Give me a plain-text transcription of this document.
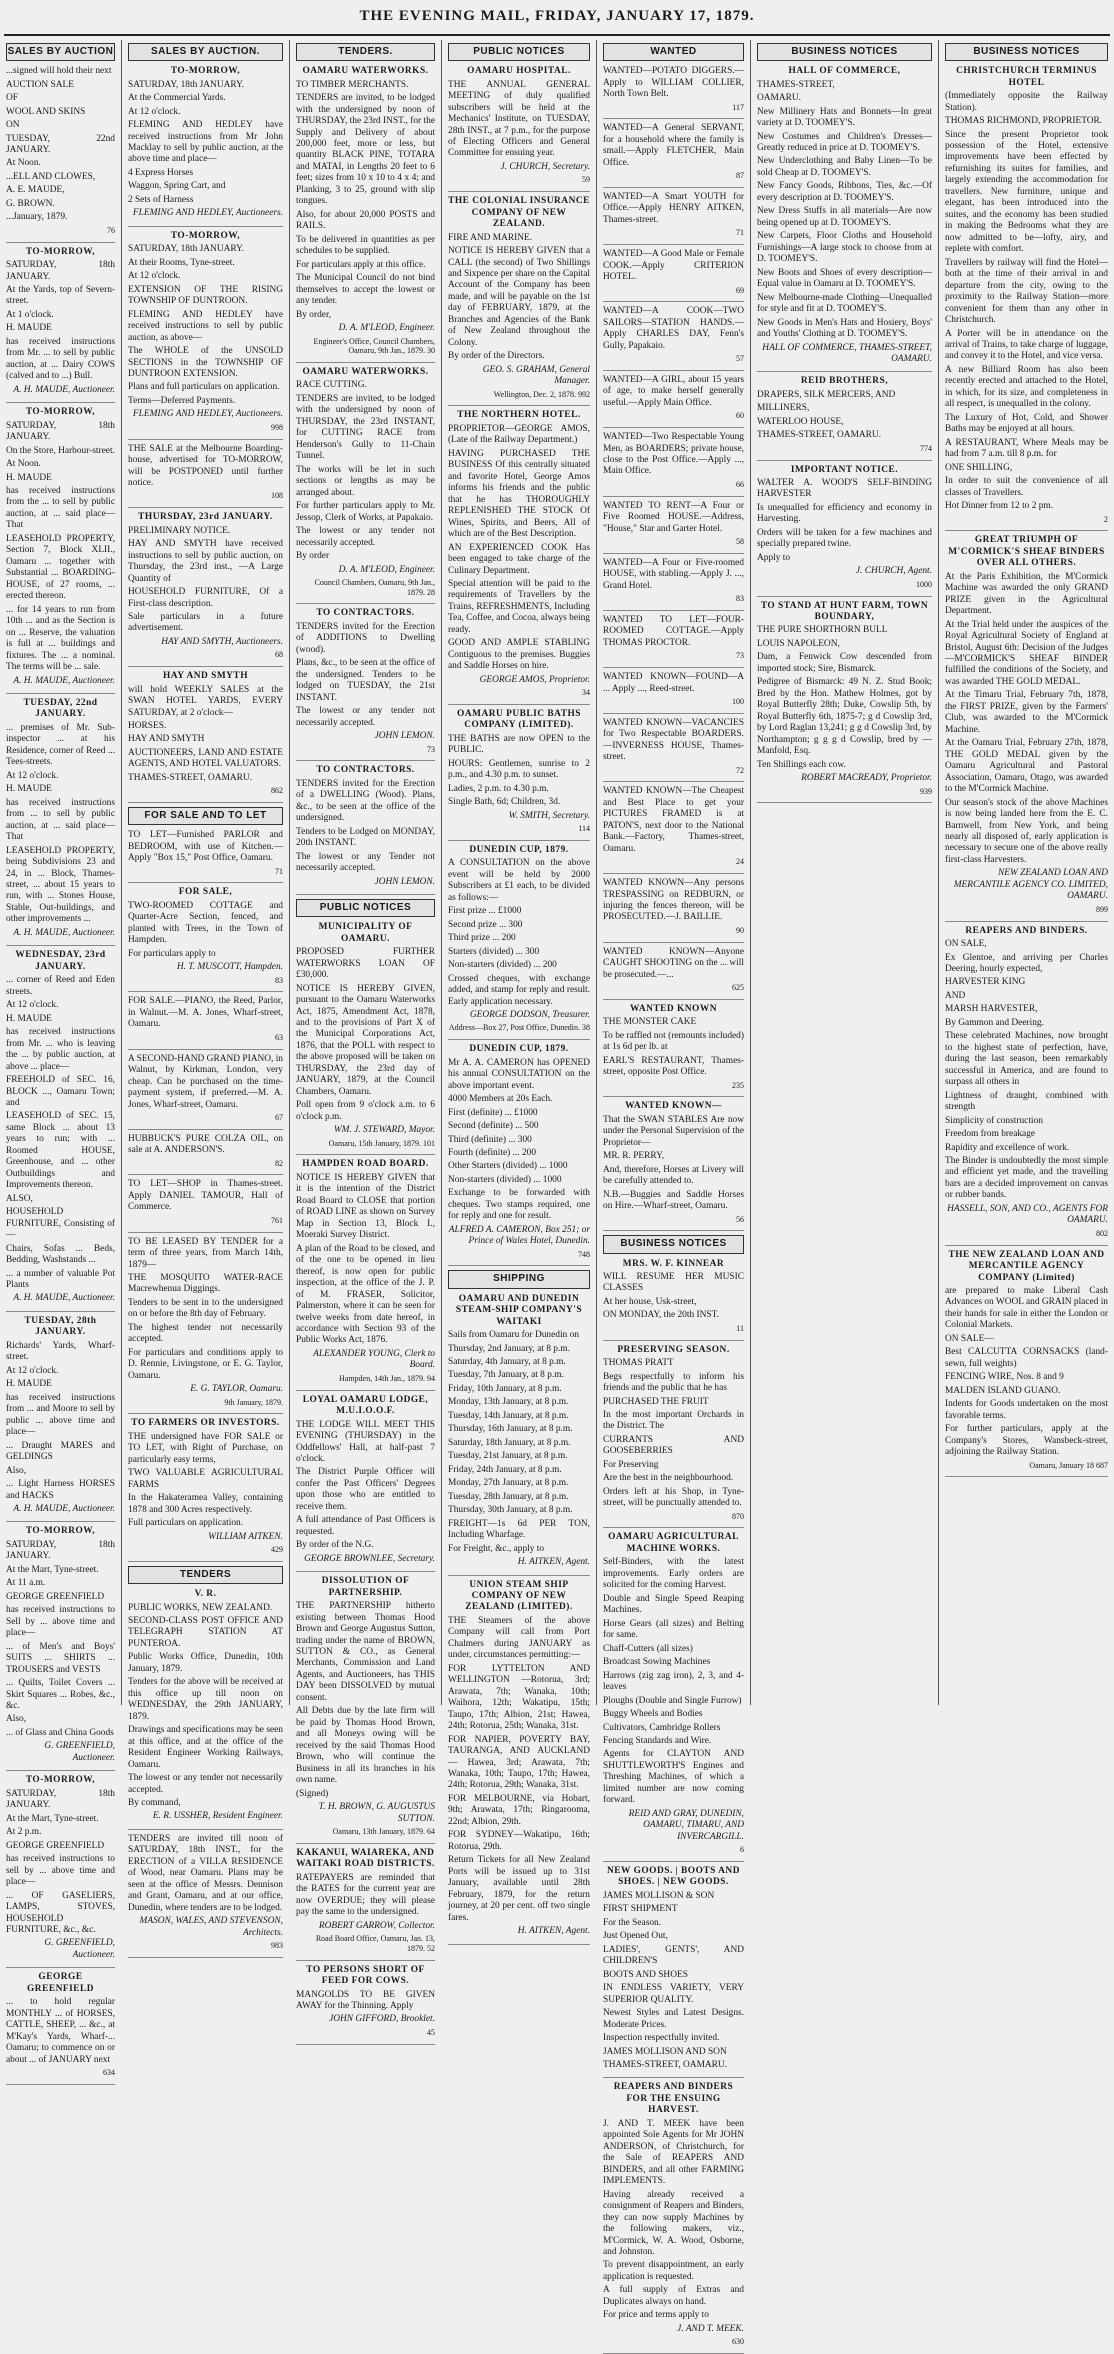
THE EVENING MAIL, FRIDAY, JANUARY 17, 1879.
SALES BY AUCTION

...signed will hold their next

AUCTION SALE

OF

WOOL AND SKINS

ON

TUESDAY, 22nd JANUARY.

At Noon.

...ELL AND CLOWES,

A. E. MAUDE,

G. BROWN.

...January, 1879.

76

TO-MORROW,

SATURDAY, 18th JANUARY.

At the Yards, top of Severn-street.

At 1 o'clock.

H. MAUDE

has received instructions from Mr. ... to sell by public auction, at ... Dairy COWS (calved and to ...) Bull.

A. H. MAUDE, Auctioneer.

TO-MORROW,

SATURDAY, 18th JANUARY.

On the Store, Harbour-street.

At Noon.

H. MAUDE

has received instructions from the ... to sell by public auction, at ... said place—That

LEASEHOLD PROPERTY, Section 7, Block XLII., Oamaru ... together with Substantial ... BOARDING-HOUSE, of 27 rooms, ... erected thereon.

... for 14 years to run from 10th ... and as the Section is on ... Reserve, the valuation is full at ... buildings and fixtures. The ... a nominal. The terms will be ... sale.

A. H. MAUDE, Auctioneer.

TUESDAY, 22nd JANUARY.

... premises of Mr. Sub-inspector ... at his Residence, corner of Reed ... Tees-streets.

At 12 o'clock.

H. MAUDE

has received instructions from ... to sell by public auction, at ... said place—That

LEASEHOLD PROPERTY, being Subdivisions 23 and 24, in ... Block, Thames-street, ... about 15 years to run, with ... Stones House, Stable, Out-buildings, and other improvements ...

A. H. MAUDE, Auctioneer.

WEDNESDAY, 23rd JANUARY.

... corner of Reed and Eden streets.

At 12 o'clock.

H. MAUDE

has received instructions from Mr. ... who is leaving the ... by public auction, at above ... place—

FREEHOLD of SEC. 16, BLOCK ..., Oamaru Town; and

LEASEHOLD of SEC. 15, same Block ... about 13 years to run; with ... Roomed HOUSE, Greenhouse, and ... other Outbuildings and Improvements thereon.

ALSO,

HOUSEHOLD FURNITURE, Consisting of—

Chairs, Sofas ... Beds, Bedding, Washstands ...

... a number of valuable Pot Plants

A. H. MAUDE, Auctioneer.

TUESDAY, 28th JANUARY.

Richards' Yards, Wharf-street.

At 12 o'clock.

H. MAUDE

has received instructions from ... and Moore to sell by public ... above time and place—

... Draught MARES and GELDINGS

Also,

... Light Harness HORSES and HACKS

A. H. MAUDE, Auctioneer.

TO-MORROW,

SATURDAY, 18th JANUARY.

At the Mart, Tyne-street.

At 11 a.m.

GEORGE GREENFIELD

has received instructions to Sell by ... above time and place—

... of Men's and Boys' SUITS ... SHIRTS ... TROUSERS and VESTS

... Quilts, Toilet Covers ... Skirt Squares ... Robes, &c., &c.

Also,

... of Glass and China Goods

G. GREENFIELD, Auctioneer.

TO-MORROW,

SATURDAY, 18th JANUARY.

At the Mart, Tyne-street.

At 2 p.m.

GEORGE GREENFIELD

has received instructions to sell by ... above time and place—

... OF GASELIERS, LAMPS, STOVES, HOUSEHOLD FURNITURE, &c., &c.

G. GREENFIELD, Auctioneer.

GEORGE GREENFIELD

... to hold regular MONTHLY ... of HORSES, CATTLE, SHEEP, ... &c., at M'Kay's Yards, Wharf-... Oamaru; to commence on or about ... of JANUARY next

634

SALES BY AUCTION.

TO-MORROW,

SATURDAY, 18th JANUARY.

At the Commercial Yards.

At 12 o'clock.

FLEMING AND HEDLEY have received instructions from Mr John Macklay to sell by public auction, at the above time and place—

4 Express Horses

Waggon, Spring Cart, and

2 Sets of Harness

FLEMING AND HEDLEY, Auctioneers.

TO-MORROW,

SATURDAY, 18th JANUARY.

At their Rooms, Tyne-street.

At 12 o'clock.

EXTENSION OF THE RISING TOWNSHIP OF DUNTROON.

FLEMING AND HEDLEY have received instructions to sell by public auction, as above—

The WHOLE of the UNSOLD SECTIONS in the TOWNSHIP OF DUNTROON EXTENSION.

Plans and full particulars on application.

Terms—Deferred Payments.

FLEMING AND HEDLEY, Auctioneers.

998

THE SALE at the Melbourne Boarding-house, advertised for TO-MORROW, will be POSTPONED until further notice.

108

THURSDAY, 23rd JANUARY.

PRELIMINARY NOTICE.

HAY AND SMYTH have received instructions to sell by public auction, on Thursday, the 23rd inst., —A Large Quantity of

HOUSEHOLD FURNITURE, Of a First-class description.

Sale particulars in a future advertisement.

HAY AND SMYTH, Auctioneers.

68

HAY AND SMYTH

will hold WEEKLY SALES at the SWAN HOTEL YARDS, EVERY SATURDAY, at 2 o'clock—

HORSES.

HAY AND SMYTH

AUCTIONEERS, LAND AND ESTATE AGENTS, AND HOTEL VALUATORS.

THAMES-STREET, OAMARU.

862

FOR SALE AND TO LET

TO LET—Furnished PARLOR and BEDROOM, with use of Kitchen.—Apply "Box 15," Post Office, Oamaru.

71

FOR SALE,

TWO-ROOMED COTTAGE and Quarter-Acre Section, fenced, and planted with Trees, in the Town of Hampden.

For particulars apply to

H. T. MUSCOTT, Hampden.

83

FOR SALE.—PIANO, the Reed, Parlor, in Walnut.—M. A. Jones, Wharf-street, Oamaru.

63

A SECOND-HAND GRAND PIANO, in Walnut, by Kirkman, London, very cheap. Can be purchased on the time-payment system, if preferred.—M. A. Jones, Wharf-street, Oamaru.

67

HUBBUCK'S PURE COLZA OIL, on sale at A. ANDERSON'S.

82

TO LET—SHOP in Thames-street. Apply DANIEL TAMOUR, Hall of Commerce.

761

TO BE LEASED BY TENDER for a term of three years, from March 14th, 1879—

THE MOSQUITO WATER-RACE Macrewhenua Diggings.

Tenders to be sent in to the undersigned on or before the 8th day of February.

The highest tender not necessarily accepted.

For particulars and conditions apply to D. Rennie, Livingstone, or E. G. Taylor, Oamaru.

E. G. TAYLOR, Oamaru.

9th January, 1879.

TO FARMERS OR INVESTORS.

THE undersigned have FOR SALE or TO LET, with Right of Purchase, on particularly easy terms,

TWO VALUABLE AGRICULTURAL FARMS

In the Hakateramea Valley, containing 1878 and 300 Acres respectively.

Full particulars on application.

WILLIAM AITKEN.

429

TENDERS

V. R.

PUBLIC WORKS, NEW ZEALAND.

SECOND-CLASS POST OFFICE AND TELEGRAPH STATION AT PUNTEROA.

Public Works Office, Dunedin, 10th January, 1879.

Tenders for the above will be received at this office up till noon on WEDNESDAY, the 29th JANUARY, 1879.

Drawings and specifications may be seen at this office, and at the office of the Resident Engineer Working Railways, Oamaru.

The lowest or any tender not necessarily accepted.

By command,

E. R. USSHER, Resident Engineer.

TENDERS are invited till noon of SATURDAY, 18th INST., for the ERECTION of a VILLA RESIDENCE of Wood, near Oamaru. Plans may be seen at the office of Messrs. Dennison and Grant, Oamaru, and at our office, Dunedin, where tenders are to be lodged.

MASON, WALES, AND STEVENSON, Architects.

983

TENDERS.

OAMARU WATERWORKS.

TO TIMBER MERCHANTS.

TENDERS are invited, to be lodged with the undersigned by noon of THURSDAY, the 23rd INST., for the Supply and Delivery of about 200,000 feet, more or less, but quantity BLACK PINE, TOTARA and MATAI, in Lengths 20 feet to 6 feet; sizes from 10 x 10 to 4 x 4; and Planking, 3 to 25, ground with slip tongues.

Also, for about 20,000 POSTS and RAILS.

To be delivered in quantities as per schedules to be supplied.

For particulars apply at this office.

The Municipal Council do not bind themselves to accept the lowest or any tender.

By order,

D. A. M'LEOD, Engineer.

Engineer's Office, Council Chambers, Oamaru, 9th Jan., 1879. 30

OAMARU WATERWORKS.

RACE CUTTING.

TENDERS are invited, to be lodged with the undersigned by noon of THURSDAY, the 23rd INSTANT, for CUTTING RACE from Henderson's Gully to 11-Chain Tunnel.

The works will be let in such sections or lengths as may be arranged about.

For further particulars apply to Mr. Jessop, Clerk of Works, at Papakaio.

The lowest or any tender not necessarily accepted.

By order

D. A. M'LEOD, Engineer.

Council Chambers, Oamaru, 9th Jan., 1879. 28

TO CONTRACTORS.

TENDERS invited for the Erection of ADDITIONS to Dwelling (wood).

Plans, &c., to be seen at the office of the undersigned. Tenders to be lodged on TUESDAY, the 21st INSTANT.

The lowest or any tender not necessarily accepted.

JOHN LEMON.

73

TO CONTRACTORS.

TENDERS invited for the Erection of a DWELLING (Wood). Plans, &c., to be seen at the office of the undersigned.

Tenders to be Lodged on MONDAY, 20th INSTANT.

The lowest or any Tender not necessarily accepted.

JOHN LEMON.

PUBLIC NOTICES

MUNICIPALITY OF OAMARU.

PROPOSED FURTHER WATERWORKS LOAN OF £30,000.

NOTICE IS HEREBY GIVEN, pursuant to the Oamaru Waterworks Act, 1875, Amendment Act, 1878, and to the provisions of Part X of the Municipal Corporations Act, 1876, that the POLL with respect to the above proposed will be taken on THURSDAY, the 23rd day of JANUARY, 1879, at the Council Chambers, Oamaru.

Poll open from 9 o'clock a.m. to 6 o'clock p.m.

WM. J. STEWARD, Mayor.

Oamaru, 15th January, 1879. 101

HAMPDEN ROAD BOARD.

NOTICE IS HEREBY GIVEN that it is the intention of the District Road Board to CLOSE that portion of ROAD LINE as shown on Survey Map in Section 13, Block I., Moeraki Survey District.

A plan of the Road to be closed, and of the one to be opened in lieu thereof, is now open for public inspection, at the office of the J. P. of M. FRASER, Solicitor, Palmerston, where it can be seen for twelve weeks from date hereof, in accordance with Section 93 of the Public Works Act, 1876.

ALEXANDER YOUNG, Clerk to Board.

Hampden, 14th Jan., 1879. 94

LOYAL OAMARU LODGE, M.U.I.O.O.F.

THE LODGE WILL MEET THIS EVENING (THURSDAY) in the Oddfellows' Hall, at half-past 7 o'clock.

The District Purple Officer will confer the Past Officers' Degrees upon those who are entitled to receive them.

A full attendance of Past Officers is requested.

By order of the N.G.

GEORGE BROWNLEE, Secretary.

DISSOLUTION OF PARTNERSHIP.

THE PARTNERSHIP hitherto existing between Thomas Hood Brown and George Augustus Sutton, trading under the name of BROWN, SUTTON & CO., as General Merchants, Commission and Land Agents, and Auctioneers, has THIS DAY been DISSOLVED by mutual consent.

All Debts due by the late firm will be paid by Thomas Hood Brown, and all Moneys owing will be received by the said Thomas Hood Brown, who will continue the Business in all its branches in his own name.

(Signed)

T. H. BROWN, G. AUGUSTUS SUTTON.

Oamaru, 13th January, 1879. 64

KAKANUI, WAIAREKA, AND WAITAKI ROAD DISTRICTS.

RATEPAYERS are reminded that the RATES for the current year are now OVERDUE; they will please pay the same to the undersigned.

ROBERT GARROW, Collector.

Road Board Office, Oamaru, Jan. 13, 1879. 52

TO PERSONS SHORT OF FEED FOR COWS.

MANGOLDS TO BE GIVEN AWAY for the Thinning. Apply

JOHN GIFFORD, Brooklet.

45

PUBLIC NOTICES

OAMARU HOSPITAL.

THE ANNUAL GENERAL MEETING of duly qualified subscribers will be held at the Mechanics' Institute, on TUESDAY, 28th INST., at 7 p.m., for the purpose of Electing Officers and General Committee for ensuing year.

J. CHURCH, Secretary.

59

THE COLONIAL INSURANCE COMPANY OF NEW ZEALAND.

FIRE AND MARINE.

NOTICE IS HEREBY GIVEN that a CALL (the second) of Two Shillings and Sixpence per share on the Capital Account of the Company has been made, and will be payable on the 1st day of FEBRUARY, 1879, at the Branches and Agencies of the Bank of New Zealand throughout the Colony.

By order of the Directors.

GEO. S. GRAHAM, General Manager.

Wellington, Dec. 2, 1878. 992

THE NORTHERN HOTEL.

PROPRIETOR—GEORGE AMOS, (Late of the Railway Department.)

HAVING PURCHASED THE BUSINESS Of this centrally situated and favorite Hotel, George Amos informs his friends and the public that he has THOROUGHLY REPLENISHED THE STOCK Of Wines, Spirits, and Beers, All of which are of the Best Description.

AN EXPERIENCED COOK Has been engaged to take charge of the Culinary Department.

Special attention will be paid to the requirements of Travellers by the Trains, REFRESHMENTS, Including Tea, Coffee, and Cocoa, always being ready.

GOOD AND AMPLE STABLING Contiguous to the premises. Buggies and Saddle Horses on hire.

GEORGE AMOS, Proprietor.

34

OAMARU PUBLIC BATHS COMPANY (LIMITED).

THE BATHS are now OPEN to the PUBLIC.

HOURS: Gentlemen, sunrise to 2 p.m., and 4.30 p.m. to sunset.

Ladies, 2 p.m. to 4.30 p.m.

Single Bath, 6d; Children, 3d.

W. SMITH, Secretary.

114

DUNEDIN CUP, 1879.

A CONSULTATION on the above event will be held by 2000 Subscribers at £1 each, to be divided as follows:—

First prize ... £1000

Second prize ... 300

Third prize ... 200

Starters (divided) ... 300

Non-starters (divided) ... 200

Crossed cheques, with exchange added, and stamp for reply and result. Early application necessary.

GEORGE DODSON, Treasurer.

Address—Box 27, Post Office, Dunedin. 38

DUNEDIN CUP, 1879.

Mr A. A. CAMERON has OPENED his annual CONSULTATION on the above important event.

4000 Members at 20s Each.

First (definite) ... £1000

Second (definite) ... 500

Third (definite) ... 300

Fourth (definite) ... 200

Other Starters (divided) ... 1000

Non-starters (divided) ... 1000

Exchange to be forwarded with cheques. Two stamps required, one for reply and one for result.

ALFRED A. CAMERON, Box 251; or Prince of Wales Hotel, Dunedin.

748

SHIPPING

OAMARU AND DUNEDIN STEAM-SHIP COMPANY'S WAITAKI

Sails from Oamaru for Dunedin on

Thursday, 2nd January, at 8 p.m.

Saturday, 4th January, at 8 p.m.

Tuesday, 7th January, at 8 p.m.

Friday, 10th January, at 8 p.m.

Monday, 13th January, at 8 p.m.

Tuesday, 14th January, at 8 p.m.

Thursday, 16th January, at 8 p.m.

Saturday, 18th January, at 8 p.m.

Tuesday, 21st January, at 8 p.m.

Friday, 24th January, at 8 p.m.

Monday, 27th January, at 8 p.m.

Tuesday, 28th January, at 8 p.m.

Thursday, 30th January, at 8 p.m.

FREIGHT—1s 6d PER TON, Including Wharfage.

For Freight, &c., apply to

H. AITKEN, Agent.

UNION STEAM SHIP COMPANY OF NEW ZEALAND (LIMITED).

THE Steamers of the above Company will call from Port Chalmers during JANUARY as under, circumstances permitting:—

FOR LYTTELTON AND WELLINGTON —Rotorua, 3rd; Arawata, 7th; Wanaka, 10th; Waihora, 12th; Wakatipu, 15th; Taupo, 17th; Albion, 21st; Hawea, 24th; Rotorua, 25th; Wanaka, 31st.

FOR NAPIER, POVERTY BAY, TAURANGA, AND AUCKLAND — Hawea, 3rd; Arawata, 7th; Wanaka, 10th; Taupo, 17th; Hawea, 24th; Rotorua, 29th; Wanaka, 31st.

FOR MELBOURNE, via Hobart, 9th; Arawata, 17th; Ringarooma, 22nd; Albion, 29th.

FOR SYDNEY—Wakatipu, 16th; Rotorua, 29th.

Return Tickets for all New Zealand Ports will be issued up to 31st January, available until 28th February, 1879, for the return journey, at 20 per cent. off two single fares.

H. AITKEN, Agent.

WANTED

WANTED—POTATO DIGGERS.—Apply to WILLIAM COLLIER, North Town Belt.

117

WANTED—A General SERVANT, for a household where the family is small.—Apply FLETCHER, Main Office.

87

WANTED—A Smart YOUTH for Office.—Apply HENRY AITKEN, Thames-street.

71

WANTED—A Good Male or Female COOK.—Apply CRITERION HOTEL.

69

WANTED—A COOK—TWO SAILORS—STATION HANDS.—Apply CHARLES DAY, Fenn's Gully, Papakaio.

57

WANTED—A GIRL, about 15 years of age, to make herself generally useful.—Apply Main Office.

60

WANTED—Two Respectable Young Men, as BOARDERS; private house, close to the Post Office.—Apply ..., Main Office.

66

WANTED TO RENT—A Four or Five Roomed HOUSE.—Address, "House," Star and Garter Hotel.

58

WANTED—A Four or Five-roomed HOUSE, with stabling.—Apply J. ..., Grand Hotel.

83

WANTED TO LET—FOUR-ROOMED COTTAGE.—Apply THOMAS PROCTOR.

73

WANTED KNOWN—FOUND—A ... Apply ..., Reed-street.

100

WANTED KNOWN—VACANCIES for Two Respectable BOARDERS.—INVERNESS HOUSE, Thames-street.

72

WANTED KNOWN—The Cheapest and Best Place to get your PICTURES FRAMED is at PATON'S, next door to the National Bank.—Factory, Thames-street, Oamaru.

24

WANTED KNOWN—Any persons TRESPASSING on REDBURN, or injuring the fences thereon, will be PROSECUTED.—J. BAILLIE.

90

WANTED KNOWN—Anyone CAUGHT SHOOTING on the ... will be prosecuted.—...

625

WANTED KNOWN

THE MONSTER CAKE

To be raffled not (remounts included) at 1s 6d per lb. at

EARL'S RESTAURANT, Thames-street, opposite Post Office.

235

WANTED KNOWN—

That the SWAN STABLES Are now under the Personal Supervision of the Proprietor—

MR. R. PERRY,

And, therefore, Horses at Livery will be carefully attended to.

N.B.—Buggies and Saddle Horses on Hire.—Wharf-street, Oamaru.

56

BUSINESS NOTICES

MRS. W. F. KINNEAR

WILL RESUME HER MUSIC CLASSES

At her house, Usk-street,

ON MONDAY, the 20th INST.

11

PRESERVING SEASON.

THOMAS PRATT

Begs respectfully to inform his friends and the public that he has

PURCHASED THE FRUIT

In the most important Orchards in the District. The

CURRANTS AND GOOSEBERRIES

For Preserving

Are the best in the neighbourhood.

Orders left at his Shop, in Tyne-street, will be punctually attended to.

870

OAMARU AGRICULTURAL MACHINE WORKS.

Self-Binders, with the latest improvements. Early orders are solicited for the coming Harvest.

Double and Single Speed Reaping Machines.

Horse Gears (all sizes) and Belting for same.

Chaff-Cutters (all sizes)

Broadcast Sowing Machines

Harrows (zig zag iron), 2, 3, and 4-leaves

Ploughs (Double and Single Furrow)

Buggy Wheels and Bodies

Cultivators, Cambridge Rollers

Fencing Standards and Wire.

Agents for CLAYTON AND SHUTTLEWORTH'S Engines and Threshing Machines, of which a limited number are now coming forward.

REID AND GRAY, DUNEDIN, OAMARU, TIMARU, AND INVERCARGILL.

6

NEW GOODS. | BOOTS AND SHOES. | NEW GOODS.

JAMES MOLLISON & SON

FIRST SHIPMENT

For the Season.

Just Opened Out,

LADIES', GENTS', AND CHILDREN'S

BOOTS AND SHOES

IN ENDLESS VARIETY, VERY SUPERIOR QUALITY.

Newest Styles and Latest Designs. Moderate Prices.

Inspection respectfully invited.

JAMES MOLLISON AND SON

THAMES-STREET, OAMARU.

REAPERS AND BINDERS FOR THE ENSUING HARVEST.

J. AND T. MEEK have been appointed Sole Agents for Mr JOHN ANDERSON, of Christchurch, for the Sale of REAPERS AND BINDERS, and all other FARMING IMPLEMENTS.

Having already received a consignment of Reapers and Binders, they can now supply Machines by the following makers, viz., M'Cormick, W. A. Wood, Osborne, and Johnston.

To prevent disappointment, an early application is requested.

A full supply of Extras and Duplicates always on hand.

For price and terms apply to

J. AND T. MEEK.

630

BUSINESS NOTICES

HALL OF COMMERCE,

THAMES-STREET,

OAMARU.

New Millinery Hats and Bonnets—In great variety at D. TOOMEY'S.

New Costumes and Children's Dresses—Greatly reduced in price at D. TOOMEY'S.

New Underclothing and Baby Linen—To be sold Cheap at D. TOOMEY'S.

New Fancy Goods, Ribbons, Ties, &c.—Of every description at D. TOOMEY'S.

New Dress Stuffs in all materials—Are now being opened up at D. TOOMEY'S.

New Carpets, Floor Cloths and Household Furnishings—A large stock to choose from at D. TOOMEY'S.

New Boots and Shoes of every description—Equal value in Oamaru at D. TOOMEY'S.

New Melbourne-made Clothing—Unequalled for style and fit at D. TOOMEY'S.

New Goods in Men's Hats and Hosiery, Boys' and Youths' Clothing at D. TOOMEY'S.

HALL OF COMMERCE, THAMES-STREET, OAMARU.

REID BROTHERS,

DRAPERS, SILK MERCERS, AND

MILLINERS,

WATERLOO HOUSE,

THAMES-STREET, OAMARU.

774

IMPORTANT NOTICE.

WALTER A. WOOD'S SELF-BINDING HARVESTER

Is unequalled for efficiency and economy in Harvesting.

Orders will be taken for a few machines and specially prepared twine.

Apply to

J. CHURCH, Agent.

1000

TO STAND AT HUNT FARM, TOWN BOUNDARY,

THE PURE SHORTHORN BULL

LOUIS NAPOLEON,

Dam, a Fenwick Cow descended from imported stock; Sire, Bismarck.

Pedigree of Bismarck: 49 N. Z. Stud Book; Bred by the Hon. Mathew Holmes, got by Royal Butterfly 28th; Duke, Cowslip 5th, by Royal Butterfly 6th, 1875-7; g d Cowslip 3rd, by Lord Raglan 13,241; g g d Cowslip 3rd, by Northampton; g g g d Cowslip, bred by —Manfold, Esq.

Ten Shillings each cow.

ROBERT MACREADY, Proprietor.

939

BUSINESS NOTICES

CHRISTCHURCH TERMINUS HOTEL

(Immediately opposite the Railway Station).

THOMAS RICHMOND, PROPRIETOR.

Since the present Proprietor took possession of the Hotel, extensive improvements have been effected by refurnishing its suites for families, and largely extending the accommodation for travellers. New furniture, unique and elegant, has been introduced into the suites, and the economy has been studied in making the Bedrooms what they are now admitted to be—lofty, airy, and replete with comfort.

Travellers by railway will find the Hotel—both at the time of their arrival in and departure from the city, owing to the proximity to the Railway Station—more convenient for them than any other in Christchurch.

A Porter will be in attendance on the arrival of Trains, to take charge of luggage, and convey it to the Hotel, and vice versa.

A new Billiard Room has also been recently erected and attached to the Hotel, in which, for its size, and completeness in all respect, is unequalled in the colony.

The Luxury of Hot, Cold, and Shower Baths may be enjoyed at all hours.

A RESTAURANT, Where Meals may be had from 7 a.m. till 8 p.m. for

ONE SHILLING,

In order to suit the convenience of all classes of Travellers.

Hot Dinner from 12 to 2 pm.

2

GREAT TRIUMPH OF M'CORMICK'S SHEAF BINDERS OVER ALL OTHERS.

At the Paris Exhibition, the M'Cormick Machine was awarded the only GRAND PRIZE given in the Agricultural Department.

At the Trial held under the auspices of the Royal Agricultural Society of England at Bristol, August 6th: Decision of the Judges—M'CORMICK'S SHEAF BINDER fulfilled the conditions of the Society, and was awarded THE GOLD MEDAL.

At the Timaru Trial, February 7th, 1878, the FIRST PRIZE, given by the Farmers' Club, was awarded to the M'Cormick Machine.

At the Oamaru Trial, February 27th, 1878, THE GOLD MEDAL given by the Oamaru Agricultural and Pastoral Association, Oamaru, Otago, was awarded to the M'Cormick Machine.

Our season's stock of the above Machines is now being landed here from the E. C. Barnwell, from New York, and being nearly all disposed of, early application is necessary to secure one of the above really first-class Harvesters.

NEW ZEALAND LOAN AND MERCANTILE AGENCY CO. LIMITED, OAMARU.

899

REAPERS AND BINDERS.

ON SALE,

Ex Glentoe, and arriving per Charles Deering, hourly expected,

HARVESTER KING

AND

MARSH HARVESTER,

By Gammon and Deering.

These celebrated Machines, now brought to the highest state of perfection, have, during the last season, been remarkably successful in America, and are found to surpass all others in

Lightness of draught, combined with strength

Simplicity of construction

Freedom from breakage

Rapidity and excellence of work.

The Binder is undoubtedly the most simple and efficient yet made, and the travelling bars are a decided improvement on canvas or rubber bands.

HASSELL, SON, AND CO., AGENTS FOR OAMARU.

802

THE NEW ZEALAND LOAN AND MERCANTILE AGENCY COMPANY (Limited)

are prepared to make Liberal Cash Advances on WOOL and GRAIN placed in their hands for sale in either the London or Colonial Markets.

ON SALE—

Best CALCUTTA CORNSACKS (land-sewn, full weights)

FENCING WIRE, Nos. 8 and 9

MALDEN ISLAND GUANO.

Indents for Goods undertaken on the most favorable terms.

For further particulars, apply at the Company's Stores, Wansbeck-street, adjoining the Railway Station.

Oamaru, January 18 687
